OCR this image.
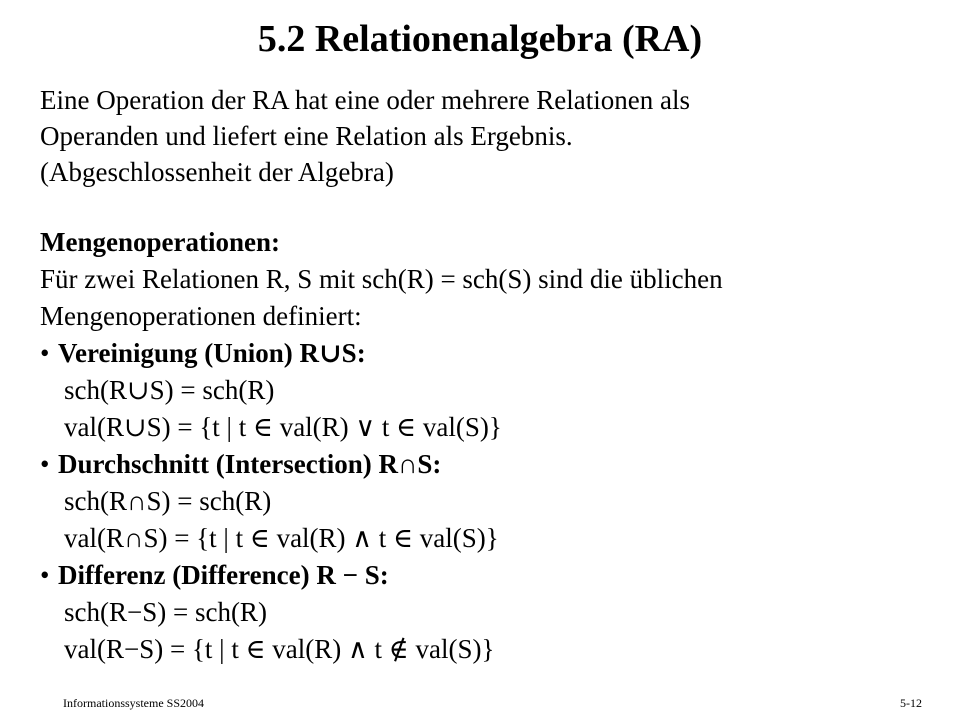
5.2 Relationenalgebra (RA)
Eine Operation der RA hat eine oder mehrere Relationen als
Operanden und liefert eine Relation als Ergebnis.
(Abgeschlossenheit der Algebra)
Mengenoperationen:
Für zwei Relationen R, S mit sch(R) = sch(S) sind die üblichen
Mengenoperationen definiert:
• Vereinigung (Union) R∪S:
sch(R∪S) = sch(R)
val(R∪S) = {t | t ∈ val(R) ∨ t ∈ val(S)}
• Durchschnitt (Intersection) R∩S:
sch(R∩S) = sch(R)
val(R∩S) = {t | t ∈ val(R) ∧ t ∈ val(S)}
• Differenz (Difference) R − S:
sch(R−S) = sch(R)
val(R−S) = {t | t ∈ val(R) ∧ t ∉ val(S)}
Informationssysteme SS2004	5-12
